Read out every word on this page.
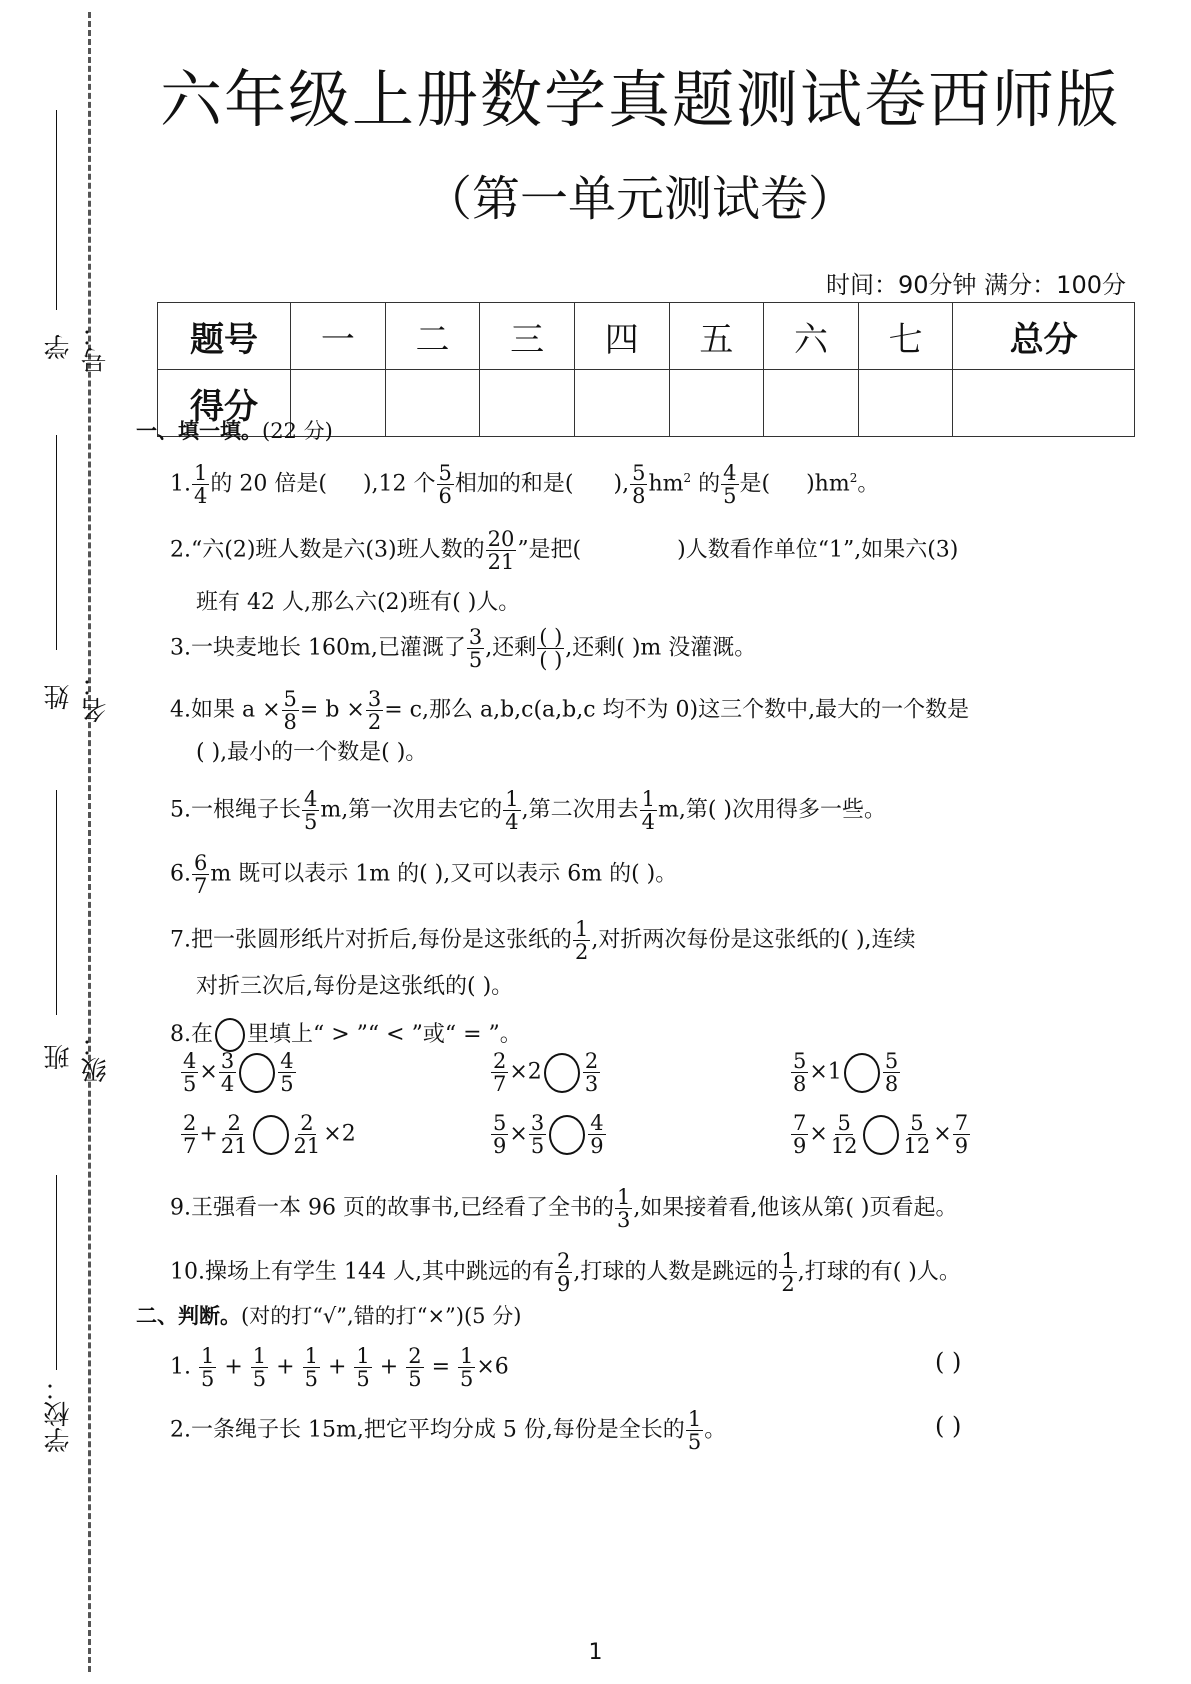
学号：
姓名：
班级：
学校：
六年级上册数学真题测试卷西师版
（第一单元测试卷）
时间：90分钟 满分：100分
题号	一	二	三	四	五	六	七	总分
得分								
一、填一填。(22 分)
1. $\frac{1}{4}$ 的 20 倍是( ),12 个 $\frac{5}{6}$ 相加的和是( ), $\frac{5}{8} hm^2$ 的 $\frac{4}{5}$ 是( )$hm^2$。
2.“六(2)班人数是六(3)班人数的 $\frac{20}{21}$ ”是把(	)人数看作单位“1”,如果六(3)
班有 42 人,那么六(2)班有( )人。
3.一块麦地长 160m,已灌溉了 $\frac{3}{5}$ ,还剩 $\frac{( )}{( )}$ ,还剩( )m 没灌溉。
4.如果 $a \times \frac{5}{8} = b \times \frac{3}{2} = c$,那么 a,b,c(a,b,c 均不为 0)这三个数中,最大的一个数是
( ),最小的一个数是( )。
5.一根绳子长 $\frac{4}{5} m$,第一次用去它的 $\frac{1}{4}$ ,第二次用去 $\frac{1}{4} m$,第( )次用得多一些。
6. $\frac{6}{7}$ m 既可以表示 1m 的( ),又可以表示 6m 的( )。
7.把一张圆形纸片对折后,每份是这张纸的 $\frac{1}{2}$ ,对折两次每份是这张纸的( ),连续
对折三次后,每份是这张纸的( )。
8.在 里填上“ > ”“ < ”或“ = ”。
$\frac{4}{5} \times \frac{3}{4} \frac{4}{5}$	$\frac{2}{7} \times 2 \frac{2}{3}$	$\frac{5}{8} \times 1 \frac{5}{8}$
$\frac{2}{7} + \frac{2}{21} \frac{2}{21} \times 2$	$\frac{5}{9} \times \frac{3}{5} \frac{4}{9}$	$\frac{7}{9} \times \frac{5}{12} \frac{5}{12} \times \frac{7}{9}$
9.王强看一本 96 页的故事书,已经看了全书的 $\frac{1}{3}$ ,如果接着看,他该从第( )页看起。
10.操场上有学生 144 人,其中跳远的有 $\frac{2}{9}$ ,打球的人数是跳远的 $\frac{1}{2}$ ,打球的有( )人。
二、判断。(对的打“√”,错的打“×”)(5 分)
1. $\frac{1}{5} + \frac{1}{5} + \frac{1}{5} + \frac{1}{5} + \frac{2}{5} = \frac{1}{5} \times 6$	( )
2.一条绳子长 15m,把它平均分成 5 份,每份是全长的 $\frac{1}{5}$ 。	( )
1
